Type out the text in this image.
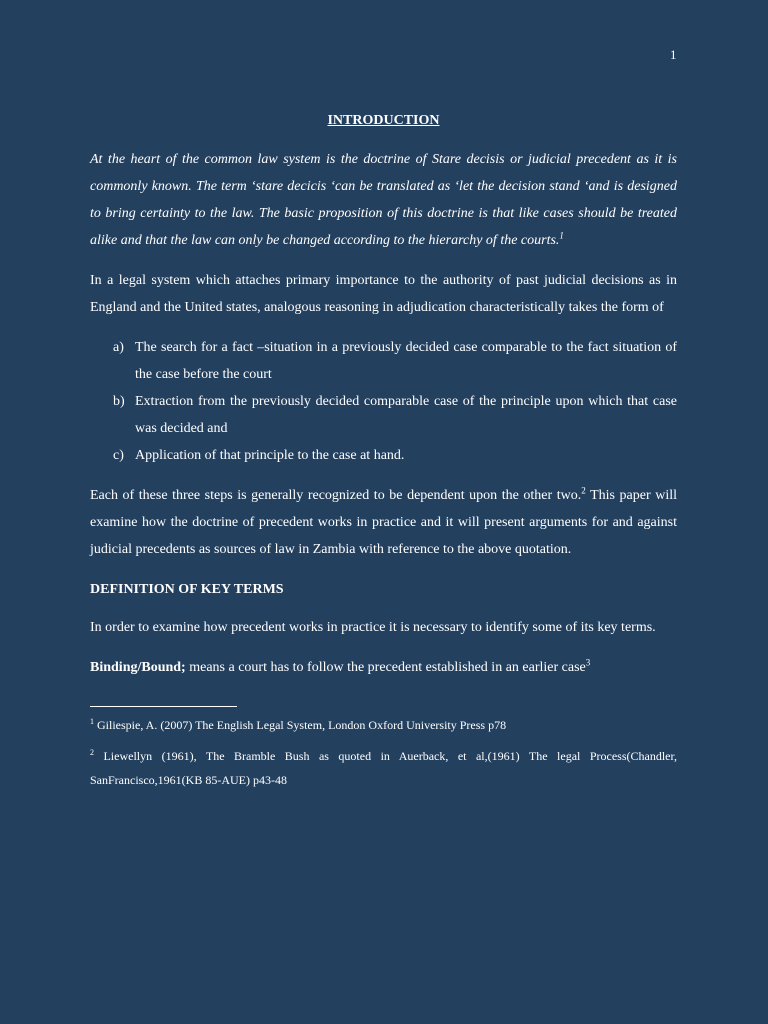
1
INTRODUCTION

At the heart of the common law system is the doctrine of Stare decisis or judicial precedent as it is commonly known. The term ‘stare decicis ‘can be translated as ‘let the decision stand ‘and is designed to bring certainty to the law. The basic proposition of this doctrine is that like cases should be treated alike and that the law can only be changed according to the hierarchy of the courts.$^1$

In a legal system which attaches primary importance to the authority of past judicial decisions as in England and the United states, analogous reasoning in adjudication characteristically takes the form of

a) The search for a fact –situation in a previously decided case comparable to the fact situation of the case before the court
b) Extraction from the previously decided comparable case of the principle upon which that case was decided and
c) Application of that principle to the case at hand.

Each of these three steps is generally recognized to be dependent upon the other two.$^2$ This paper will examine how the doctrine of precedent works in practice and it will present arguments for and against judicial precedents as sources of law in Zambia with reference to the above quotation.

DEFINITION OF KEY TERMS

In order to examine how precedent works in practice it is necessary to identify some of its key terms.

Binding/Bound; means a court has to follow the precedent established in an earlier case$^3$

$^1$ Giliespie, A. (2007) The English Legal System, London Oxford University Press p78

$^2$ Liewellyn (1961), The Bramble Bush as quoted in Auerback, et al,(1961) The legal Process(Chandler, SanFrancisco,1961(KB 85-AUE) p43-48
